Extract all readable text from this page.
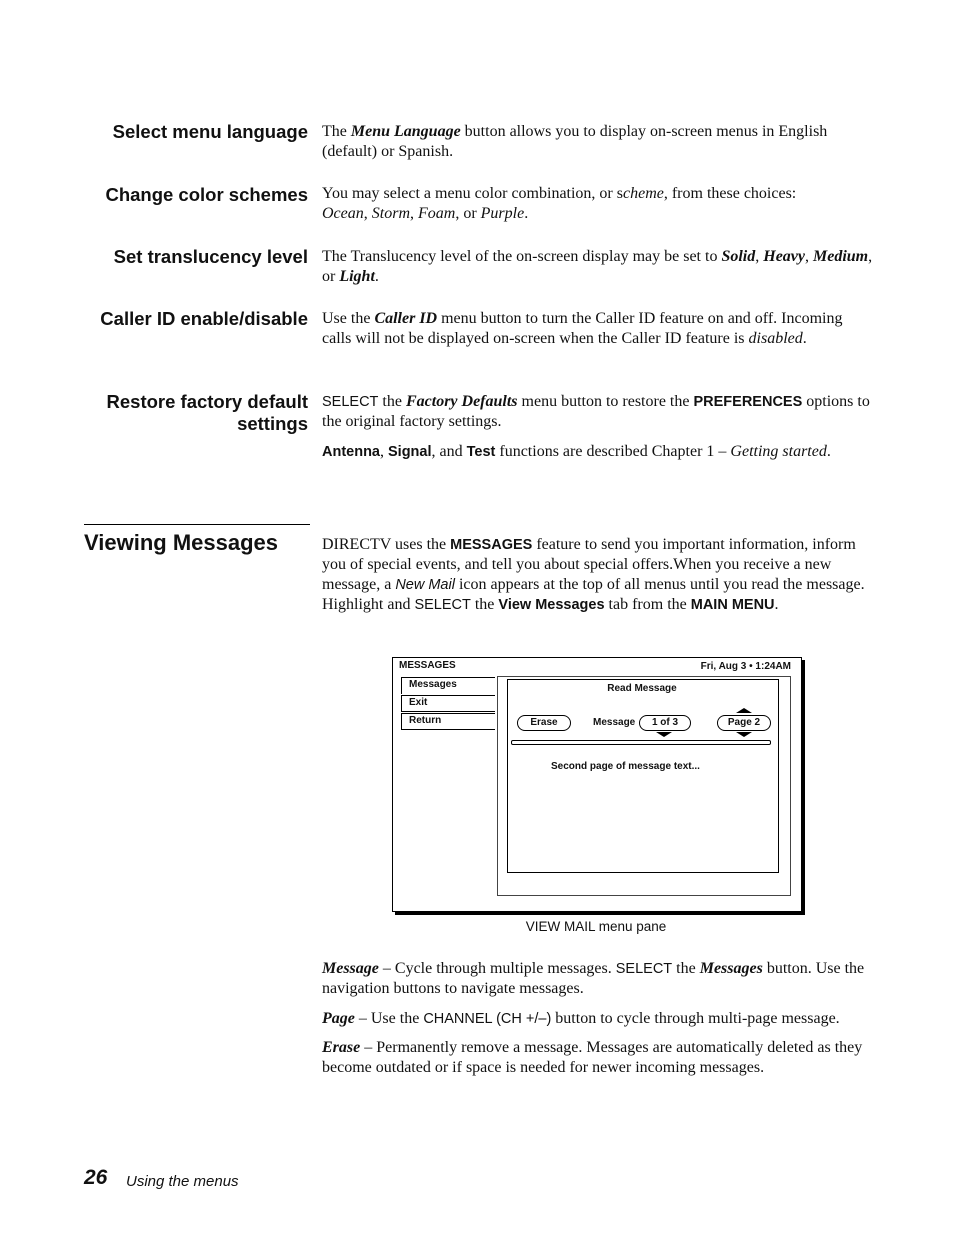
Select menu language The Menu Language button allows you to display on-screen menus in English (default) or Spanish.
Change color schemes You may select a menu color combination, or scheme, from these choices:
Ocean, Storm, Foam, or Purple.
Set translucency level The Translucency level of the on-screen display may be set to Solid, Heavy, Medium, or Light.
Caller ID enable/disable Use the Caller ID menu button to turn the Caller ID feature on and off. Incoming calls will not be displayed on-screen when the Caller ID feature is disabled.
Restore factory default
settings
SELECT the Factory Defaults menu button to restore the PREFERENCES options to the original factory settings.
Antenna, Signal, and Test functions are described Chapter 1 – Getting started.
Viewing Messages	DIRECTV uses the MESSAGES feature to send you important information, inform you of special events, and tell you about special offers.When you receive a new message, a New Mail icon appears at the top of all menus until you read the message. Highlight and SELECT the View Messages tab from the MAIN MENU.
MESSAGES	Fri, Aug 3 • 1:24AM
Messages
Exit
Return
Read Message
Erase	Message	1 of 3	Page 2
Second page of message text...
VIEW MAIL menu pane
Message – Cycle through multiple messages. SELECT the Messages button. Use the navigation buttons to navigate messages.
Page – Use the CHANNEL (CH +/–) button to cycle through multi-page message.
Erase – Permanently remove a message. Messages are automatically deleted as they become outdated or if space is needed for newer incoming messages.
26 Using the menus
